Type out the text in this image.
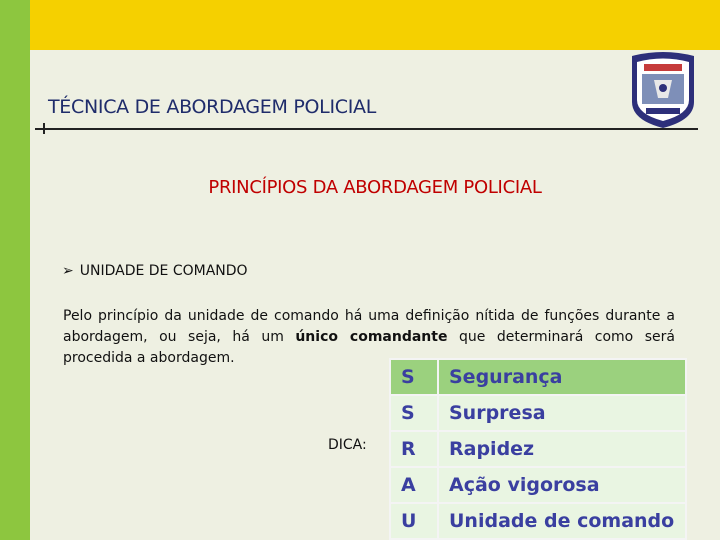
TÉCNICA DE ABORDAGEM POLICIAL
PRINCÍPIOS DA ABORDAGEM POLICIAL
➢ UNIDADE DE COMANDO
Pelo princípio da unidade de comando há uma definição nítida de funções durante a abordagem, ou seja, há um único comandante que determinará como será procedida a abordagem.
DICA:
S	Segurança
S	Surpresa
R	Rapidez
A	Ação vigorosa
U	Unidade de comando
